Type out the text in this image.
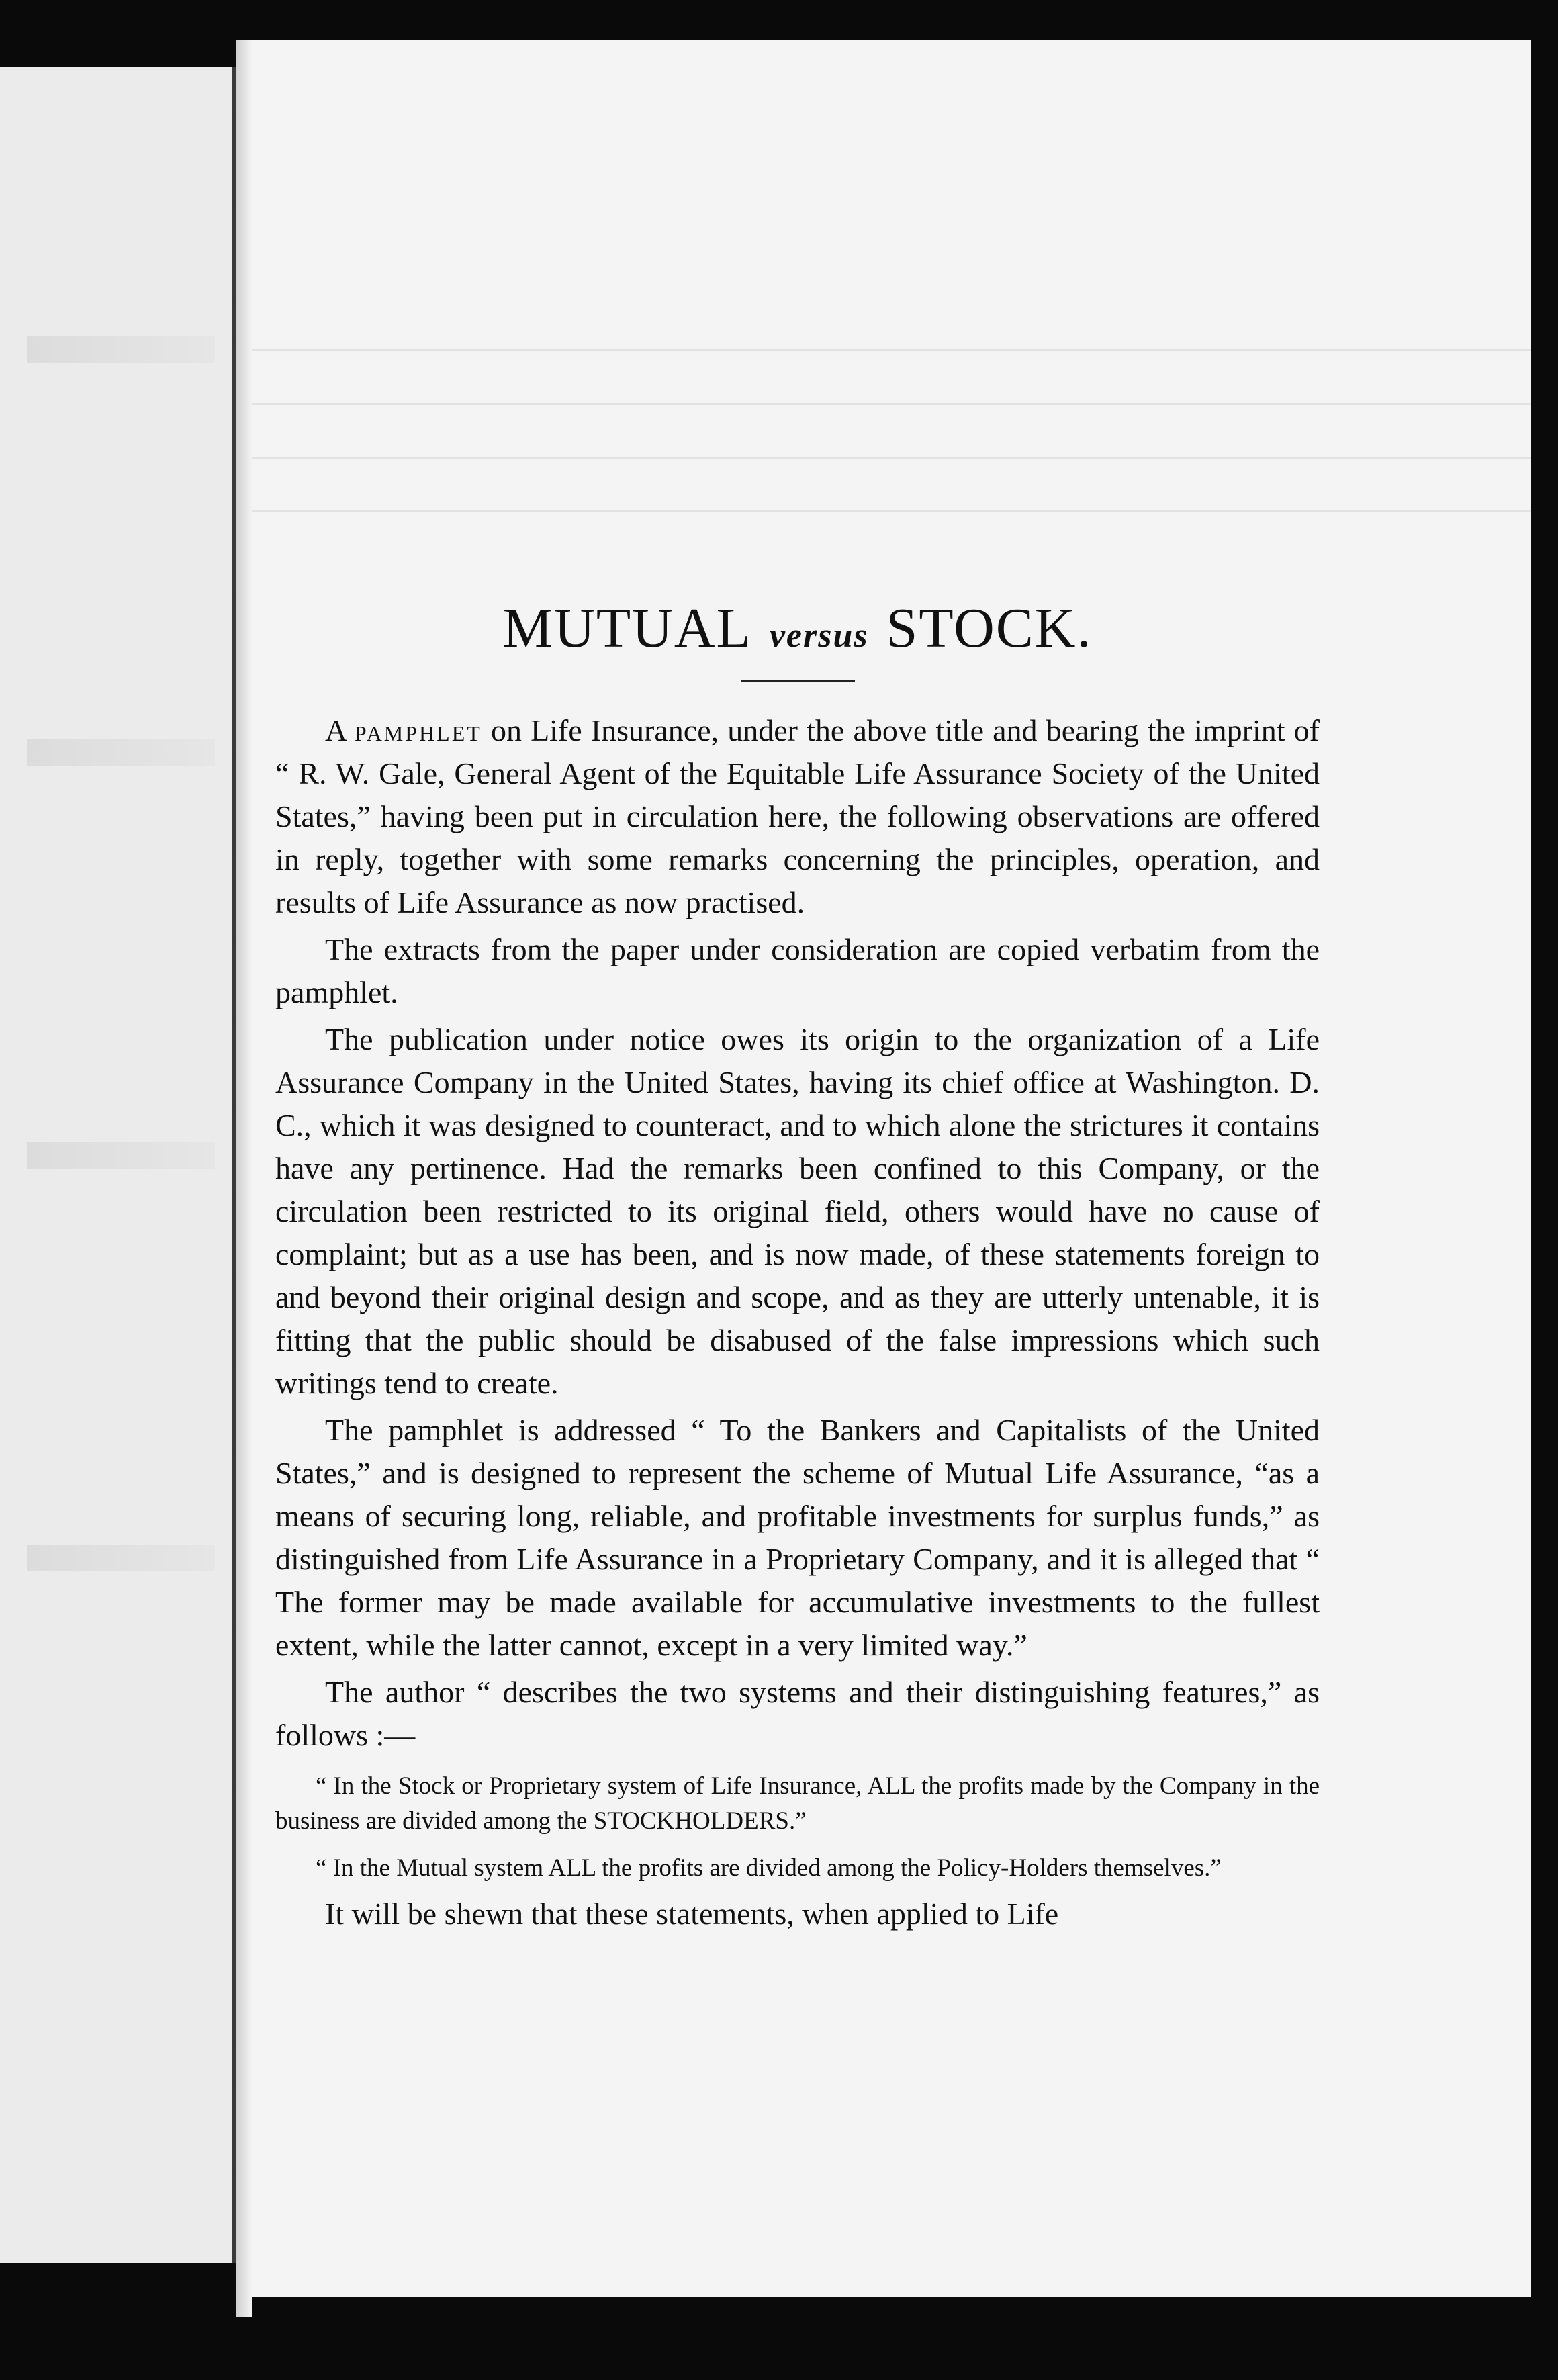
MUTUAL versus STOCK.

A pamphlet on Life Insurance, under the above title and bearing the imprint of “ R. W. Gale, General Agent of the Equitable Life Assurance Society of the United States,” having been put in circulation here, the following observations are offered in reply, together with some remarks concerning the principles, operation, and results of Life Assurance as now practised.

The extracts from the paper under consideration are copied verbatim from the pamphlet.

The publication under notice owes its origin to the organization of a Life Assurance Company in the United States, having its chief office at Washington. D. C., which it was designed to counteract, and to which alone the strictures it contains have any pertinence. Had the remarks been confined to this Company, or the circulation been restricted to its original field, others would have no cause of complaint; but as a use has been, and is now made, of these statements foreign to and beyond their original design and scope, and as they are utterly untenable, it is fitting that the public should be disabused of the false impressions which such writings tend to create.

The pamphlet is addressed “ To the Bankers and Capitalists of the United States,” and is designed to represent the scheme of Mutual Life Assurance, “as a means of securing long, reliable, and profitable investments for surplus funds,” as distinguished from Life Assurance in a Proprietary Company, and it is alleged that “ The former may be made available for accumulative investments to the fullest extent, while the latter cannot, except in a very limited way.”

The author “ describes the two systems and their distinguishing features,” as follows :—

“ In the Stock or Proprietary system of Life Insurance, ALL the profits made by the Company in the business are divided among the STOCKHOLDERS.”

“ In the Mutual system ALL the profits are divided among the Policy-Holders themselves.”

It will be shewn that these statements, when applied to Life
